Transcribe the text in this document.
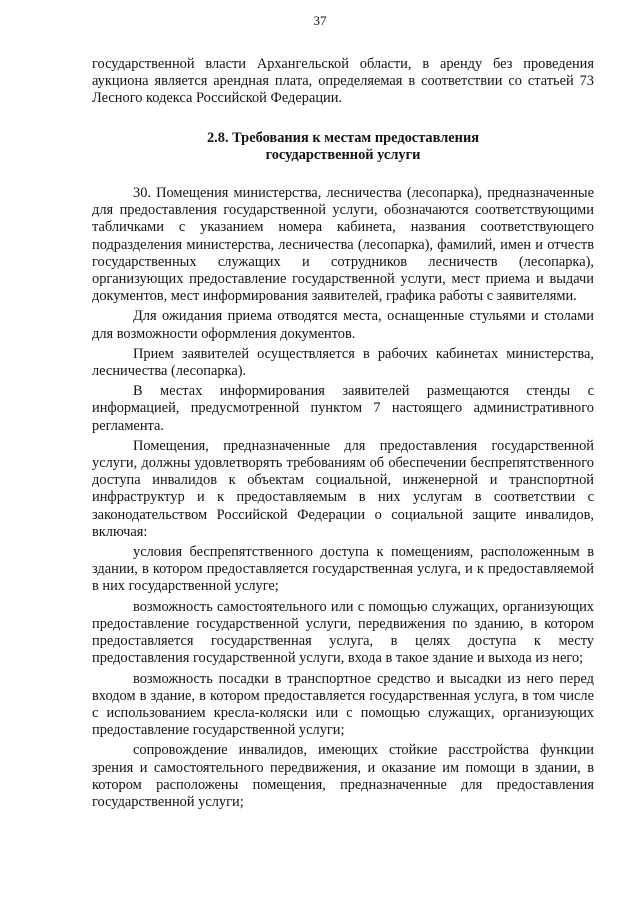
37

государственной власти Архангельской области, в аренду без проведения аукциона является арендная плата, определяемая в соответствии со статьей 73 Лесного кодекса Российской Федерации.

2.8. Требования к местам предоставления
государственной услуги

30. Помещения министерства, лесничества (лесопарка), предназначенные для предоставления государственной услуги, обозначаются соответствующими табличками с указанием номера кабинета, названия соответствующего подразделения министерства, лесничества (лесопарка), фамилий, имен и отчеств государственных служащих и сотрудников лесничеств (лесопарка), организующих предоставление государственной услуги, мест приема и выдачи документов, мест информирования заявителей, графика работы с заявителями.

Для ожидания приема отводятся места, оснащенные стульями и столами для возможности оформления документов.

Прием заявителей осуществляется в рабочих кабинетах министерства, лесничества (лесопарка).

В местах информирования заявителей размещаются стенды с информацией, предусмотренной пунктом 7 настоящего административного регламента.

Помещения, предназначенные для предоставления государственной услуги, должны удовлетворять требованиям об обеспечении беспрепятственного доступа инвалидов к объектам социальной, инженерной и транспортной инфраструктур и к предоставляемым в них услугам в соответствии с законодательством Российской Федерации о социальной защите инвалидов, включая:

условия беспрепятственного доступа к помещениям, расположенным в здании, в котором предоставляется государственная услуга, и к предоставляемой в них государственной услуге;

возможность самостоятельного или с помощью служащих, организующих предоставление государственной услуги, передвижения по зданию, в котором предоставляется государственная услуга, в целях доступа к месту предоставления государственной услуги, входа в такое здание и выхода из него;

возможность посадки в транспортное средство и высадки из него перед входом в здание, в котором предоставляется государственная услуга, в том числе с использованием кресла-коляски или с помощью служащих, организующих предоставление государственной услуги;

сопровождение инвалидов, имеющих стойкие расстройства функции зрения и самостоятельного передвижения, и оказание им помощи в здании, в котором расположены помещения, предназначенные для предоставления государственной услуги;
